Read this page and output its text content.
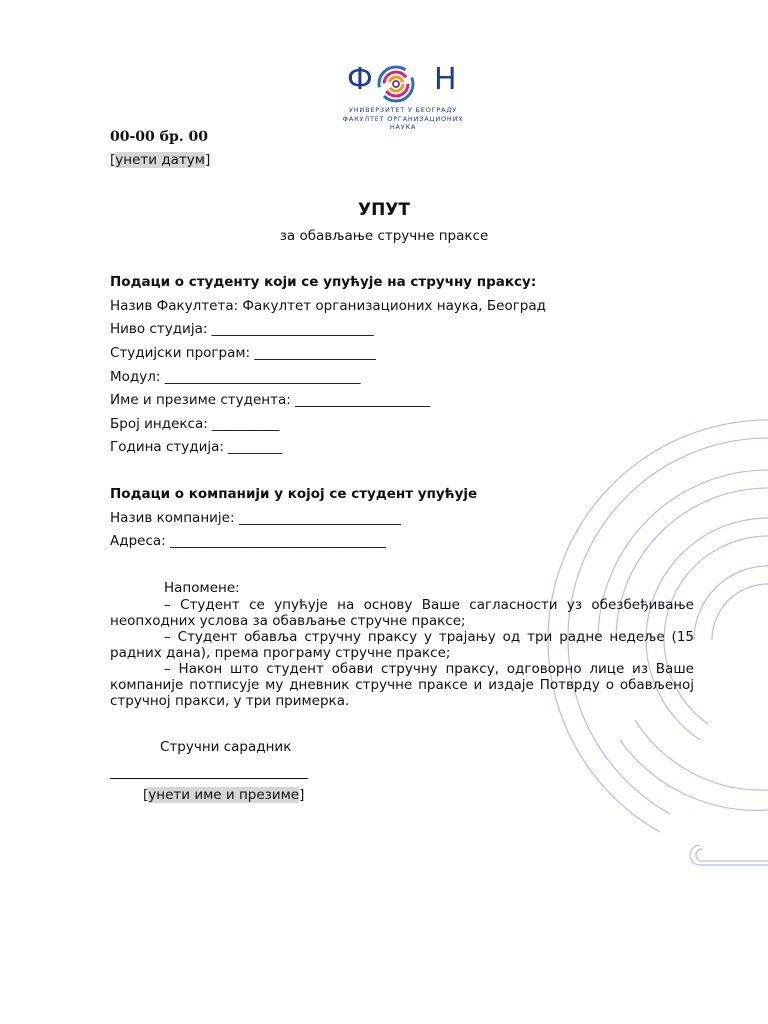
Ф Н
УНИВЕРЗИТЕТ У БЕОГРАДУ
ФАКУЛТЕТ ОРГАНИЗАЦИОНИХ НАУКА
00-00 бр. 00
[унети датум]
УПУТ
за обављање стручне праксе
Подаци о студенту који се упућује на стручну праксу:
Назив Факултета: Факултет организационих наука, Београд
Ниво студија: ________________________
Студијски програм: __________________
Модул: _____________________________
Име и презиме студента: ____________________
Број индекса: __________
Година студија: ________
Подаци о компанији у којој се студент упућује
Назив компаније: ________________________
Адреса: ________________________________
Напомене:
– Студент се упућује на основу Ваше сагласности уз обезбеђивање неопходних услова за обављање стручне праксе;
– Студент обавља стручну праксу у трајању од три радне недеље (15 радних дана), према програму стручне праксе;
– Након што студент обави стручну праксу, одговорно лице из Ваше компаније потписује му дневник стручне праксе и издаје Потврду о обављеној стручној пракси, у три примерка.
Стручни сарадник
[унети име и презиме]
